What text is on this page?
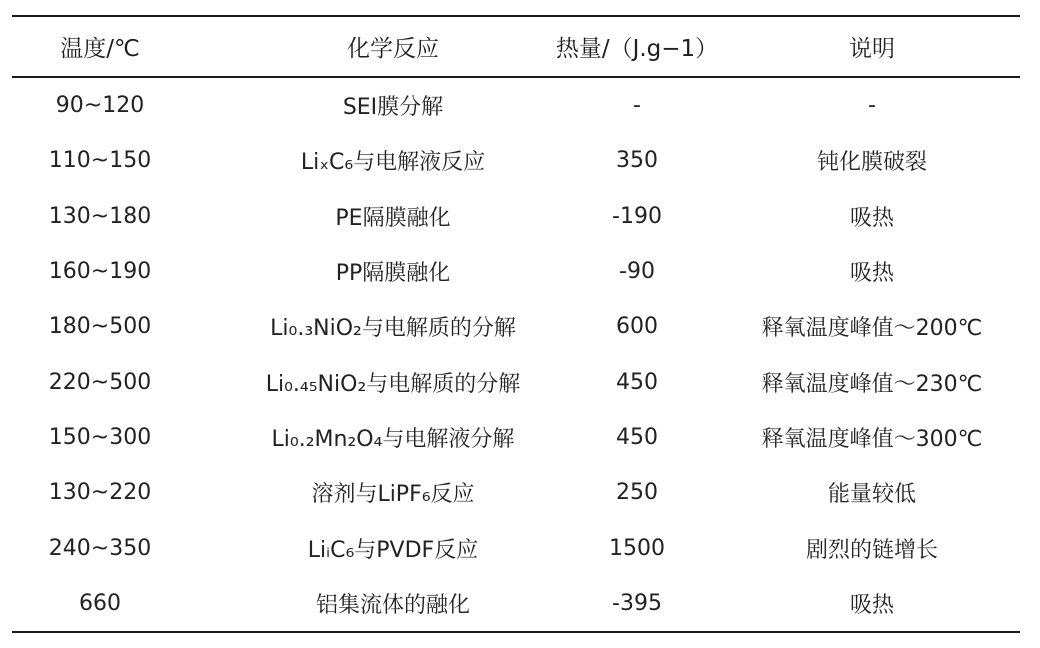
温度/℃	化学反应	热量/（J.g−1）	说明
90~120	SEI膜分解	-	-
110~150	LiₓC₆与电解液反应	350	钝化膜破裂
130~180	PE隔膜融化	-190	吸热
160~190	PP隔膜融化	-90	吸热
180~500	Li₀.₃NiO₂与电解质的分解	600	释氧温度峰值～200℃
220~500	Li₀.₄₅NiO₂与电解质的分解	450	释氧温度峰值～230℃
150~300	Li₀.₂Mn₂O₄与电解液分解	450	释氧温度峰值～300℃
130~220	溶剂与LiPF₆反应	250	能量较低
240~350	LiᵢC₆与PVDF反应	1500	剧烈的链增长
660	铝集流体的融化	-395	吸热
